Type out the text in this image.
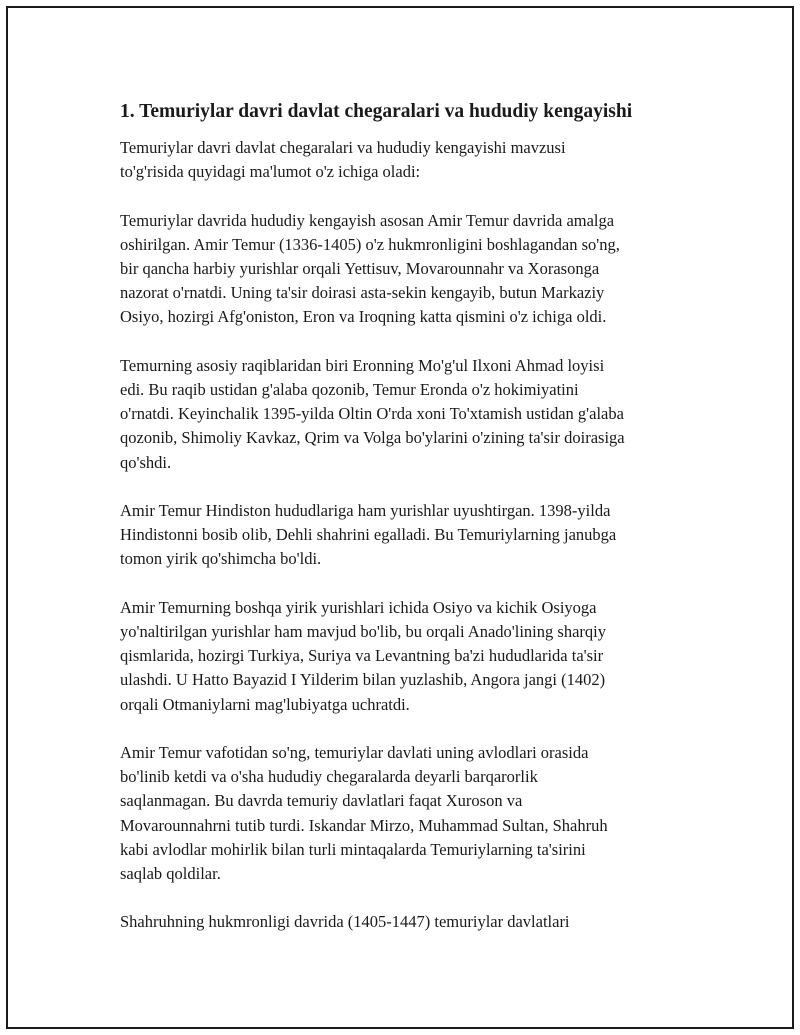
1. Temuriylar davri davlat chegaralari va hududiy kengayishi

Temuriylar davri davlat chegaralari va hududiy kengayishi mavzusi
to'g'risida quyidagi ma'lumot o'z ichiga oladi:

Temuriylar davrida hududiy kengayish asosan Amir Temur davrida amalga
oshirilgan. Amir Temur (1336-1405) o'z hukmronligini boshlagandan so'ng,
bir qancha harbiy yurishlar orqali Yettisuv, Movarounnahr va Xorasonga
nazorat o'rnatdi. Uning ta'sir doirasi asta-sekin kengayib, butun Markaziy
Osiyo, hozirgi Afg'oniston, Eron va Iroqning katta qismini o'z ichiga oldi.

Temurning asosiy raqiblaridan biri Eronning Mo'g'ul Ilxoni Ahmad loyisi
edi. Bu raqib ustidan g'alaba qozonib, Temur Eronda o'z hokimiyatini
o'rnatdi. Keyinchalik 1395-yilda Oltin O'rda xoni To'xtamish ustidan g'alaba
qozonib, Shimoliy Kavkaz, Qrim va Volga bo'ylarini o'zining ta'sir doirasiga
qo'shdi.

Amir Temur Hindiston hududlariga ham yurishlar uyushtirgan. 1398-yilda
Hindistonni bosib olib, Dehli shahrini egalladi. Bu Temuriylarning janubga
tomon yirik qo'shimcha bo'ldi.

Amir Temurning boshqa yirik yurishlari ichida Osiyo va kichik Osiyoga
yo'naltirilgan yurishlar ham mavjud bo'lib, bu orqali Anado'lining sharqiy
qismlarida, hozirgi Turkiya, Suriya va Levantning ba'zi hududlarida ta'sir
ulashdi. U Hatto Bayazid I Yilderim bilan yuzlashib, Angora jangi (1402)
orqali Otmaniylarni mag'lubiyatga uchratdi.

Amir Temur vafotidan so'ng, temuriylar davlati uning avlodlari orasida
bo'linib ketdi va o'sha hududiy chegaralarda deyarli barqarorlik
saqlanmagan. Bu davrda temuriy davlatlari faqat Xuroson va
Movarounnahrni tutib turdi. Iskandar Mirzo, Muhammad Sultan, Shahruh
kabi avlodlar mohirlik bilan turli mintaqalarda Temuriylarning ta'sirini
saqlab qoldilar.

Shahruhning hukmronligi davrida (1405-1447) temuriylar davlatlari
